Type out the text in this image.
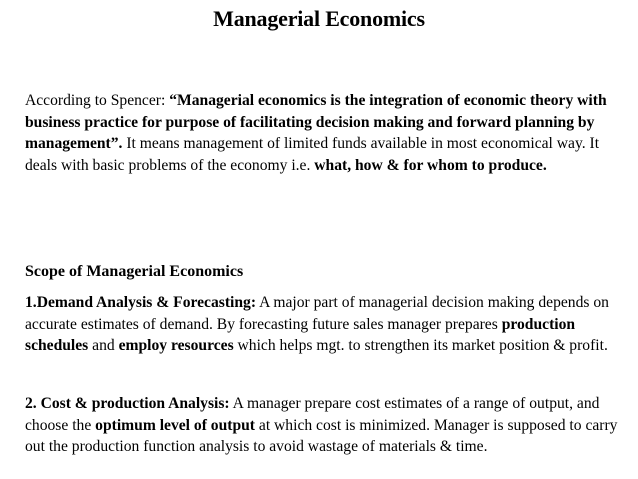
Managerial Economics
According to Spencer: “Managerial economics is the integration of economic theory with business practice for purpose of facilitating decision making and forward planning by management”. It means management of limited funds available in most economical way. It deals with basic problems of the economy i.e. what, how & for whom to produce.
Scope of Managerial Economics
1.Demand Analysis & Forecasting: A major part of managerial decision making depends on accurate estimates of demand. By forecasting future sales manager prepares production schedules and employ resources which helps mgt. to strengthen its market position & profit.
2. Cost & production Analysis: A manager prepare cost estimates of a range of output, and choose the optimum level of output at which cost is minimized. Manager is supposed to carry out the production function analysis to avoid wastage of materials & time.
